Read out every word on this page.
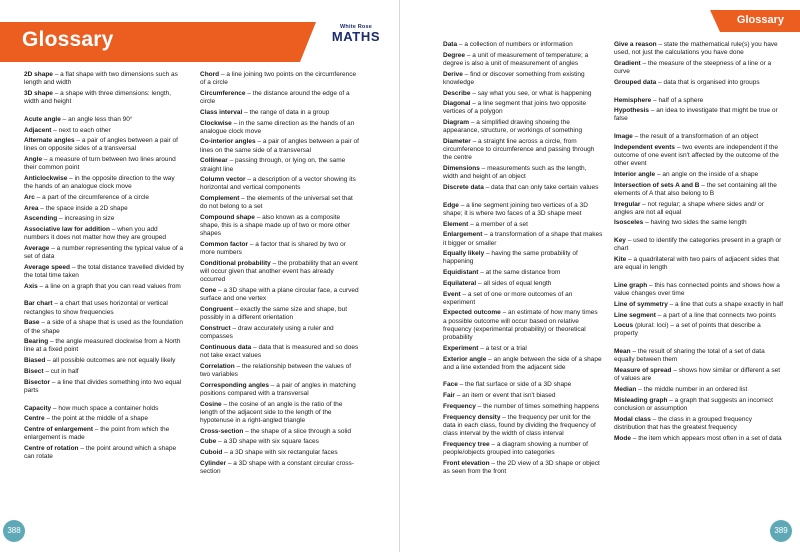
Glossary
White Rose
MATHS
2D shape – a flat shape with two dimensions such as length and width
3D shape – a shape with three dimensions: length, width and height
Acute angle – an angle less than 90°
Adjacent – next to each other
Alternate angles – a pair of angles between a pair of lines on opposite sides of a transversal
Angle – a measure of turn between two lines around their common point
Anticlockwise – in the opposite direction to the way the hands of an analogue clock move
Arc – a part of the circumference of a circle
Area – the space inside a 2D shape
Ascending – increasing in size
Associative law for addition – when you add numbers it does not matter how they are grouped
Average – a number representing the typical value of a set of data
Average speed – the total distance travelled divided by the total time taken
Axis – a line on a graph that you can read values from
Bar chart – a chart that uses horizontal or vertical rectangles to show frequencies
Base – a side of a shape that is used as the foundation of the shape
Bearing – the angle measured clockwise from a North line at a fixed point
Biased – all possible outcomes are not equally likely
Bisect – cut in half
Bisector – a line that divides something into two equal parts
Capacity – how much space a container holds
Centre – the point at the middle of a shape
Centre of enlargement – the point from which the enlargement is made
Centre of rotation – the point around which a shape can rotate
Chord – a line joining two points on the circumference of a circle
Circumference – the distance around the edge of a circle
Class interval – the range of data in a group
Clockwise – in the same direction as the hands of an analogue clock move
Co-interior angles – a pair of angles between a pair of lines on the same side of a transversal
Collinear – passing through, or lying on, the same straight line
Column vector – a description of a vector showing its horizontal and vertical components
Complement – the elements of the universal set that do not belong to a set
Compound shape – also known as a composite shape, this is a shape made up of two or more other shapes
Common factor – a factor that is shared by two or more numbers
Conditional probability – the probability that an event will occur given that another event has already occurred
Cone – a 3D shape with a plane circular face, a curved surface and one vertex
Congruent – exactly the same size and shape, but possibly in a different orientation
Construct – draw accurately using a ruler and compasses
Continuous data – data that is measured and so does not take exact values
Correlation – the relationship between the values of two variables
Corresponding angles – a pair of angles in matching positions compared with a transversal
Cosine – the cosine of an angle is the ratio of the length of the adjacent side to the length of the hypotenuse in a right-angled triangle
Cross-section – the shape of a slice through a solid
Cube – a 3D shape with six square faces
Cuboid – a 3D shape with six rectangular faces
Cylinder – a 3D shape with a constant circular cross-section
388
Glossary
Data – a collection of numbers or information
Degree – a unit of measurement of temperature; a degree is also a unit of measurement of angles
Derive – find or discover something from existing knowledge
Describe – say what you see, or what is happening
Diagonal – a line segment that joins two opposite vertices of a polygon
Diagram – a simplified drawing showing the appearance, structure, or workings of something
Diameter – a straight line across a circle, from circumference to circumference and passing through the centre
Dimensions – measurements such as the length, width and height of an object
Discrete data – data that can only take certain values
Edge – a line segment joining two vertices of a 3D shape; it is where two faces of a 3D shape meet
Element – a member of a set
Enlargement – a transformation of a shape that makes it bigger or smaller
Equally likely – having the same probability of happening
Equidistant – at the same distance from
Equilateral – all sides of equal length
Event – a set of one or more outcomes of an experiment
Expected outcome – an estimate of how many times a possible outcome will occur based on relative frequency (experimental probability) or theoretical probability
Experiment – a test or a trial
Exterior angle – an angle between the side of a shape and a line extended from the adjacent side
Face – the flat surface or side of a 3D shape
Fair – an item or event that isn't biased
Frequency – the number of times something happens
Frequency density – the frequency per unit for the data in each class, found by dividing the frequency of class interval by the width of class interval
Frequency tree – a diagram showing a number of people/objects grouped into categories
Front elevation – the 2D view of a 3D shape or object as seen from the front
Give a reason – state the mathematical rule(s) you have used, not just the calculations you have done
Gradient – the measure of the steepness of a line or a curve
Grouped data – data that is organised into groups
Hemisphere – half of a sphere
Hypothesis – an idea to investigate that might be true or false
Image – the result of a transformation of an object
Independent events – two events are independent if the outcome of one event isn't affected by the outcome of the other event
Interior angle – an angle on the inside of a shape
Intersection of sets A and B – the set containing all the elements of A that also belong to B
Irregular – not regular; a shape where sides and/ or angles are not all equal
Isosceles – having two sides the same length
Key – used to identify the categories present in a graph or chart
Kite – a quadrilateral with two pairs of adjacent sides that are equal in length
Line graph – this has connected points and shows how a value changes over time
Line of symmetry – a line that cuts a shape exactly in half
Line segment – a part of a line that connects two points
Locus (plural: loci) – a set of points that describe a property
Mean – the result of sharing the total of a set of data equally between them
Measure of spread – shows how similar or different a set of values are
Median – the middle number in an ordered list
Misleading graph – a graph that suggests an incorrect conclusion or assumption
Modal class – the class in a grouped frequency distribution that has the greatest frequency
Mode – the item which appears most often in a set of data
389
